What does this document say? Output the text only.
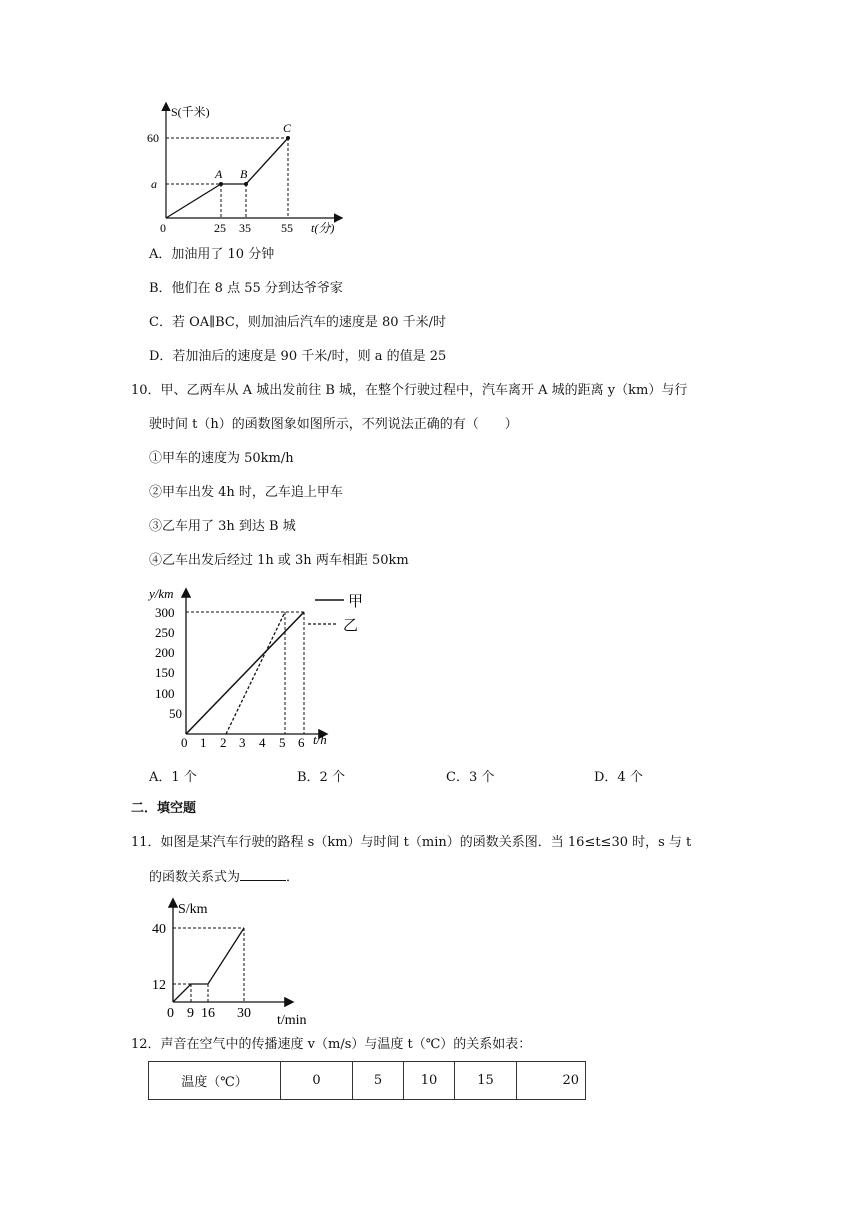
S(千米)
t(分)
A B
C
60
a
0	25 35	55
A．加油用了 10 分钟
B．他们在 8 点 55 分到达爷爷家
C．若 OA∥BC，则加油后汽车的速度是 80 千米/时
D．若加油后的速度是 90 千米/时，则 a 的值是 25
10．甲、乙两车从 A 城出发前往 B 城，在整个行驶过程中，汽车离开 A 城的距离 y（km）与行
驶时间 t（h）的函数图象如图所示，不列说法正确的有（　　）
①甲车的速度为 50km/h
②甲车出发 4h 时，乙车追上甲车
③乙车用了 3h 到达 B 城
④乙车出发后经过 1h 或 3h 两车相距 50km
y/km
t/h
300
250
200
150
100
50
0 1 2 3 4 5 6
甲
乙
A．1 个	B．2 个	C．3 个	D．4 个
二．填空题
11．如图是某汽车行驶的路程 s（km）与时间 t（min）的函数关系图．当 16≤t≤30 时，s 与 t
的函数关系式为	．
S/km
t/min
40
12
0 9 16 30
12．声音在空气中的传播速度 v（m/s）与温度 t（℃）的关系如表：
温度（℃）	0	5	10	15	20
